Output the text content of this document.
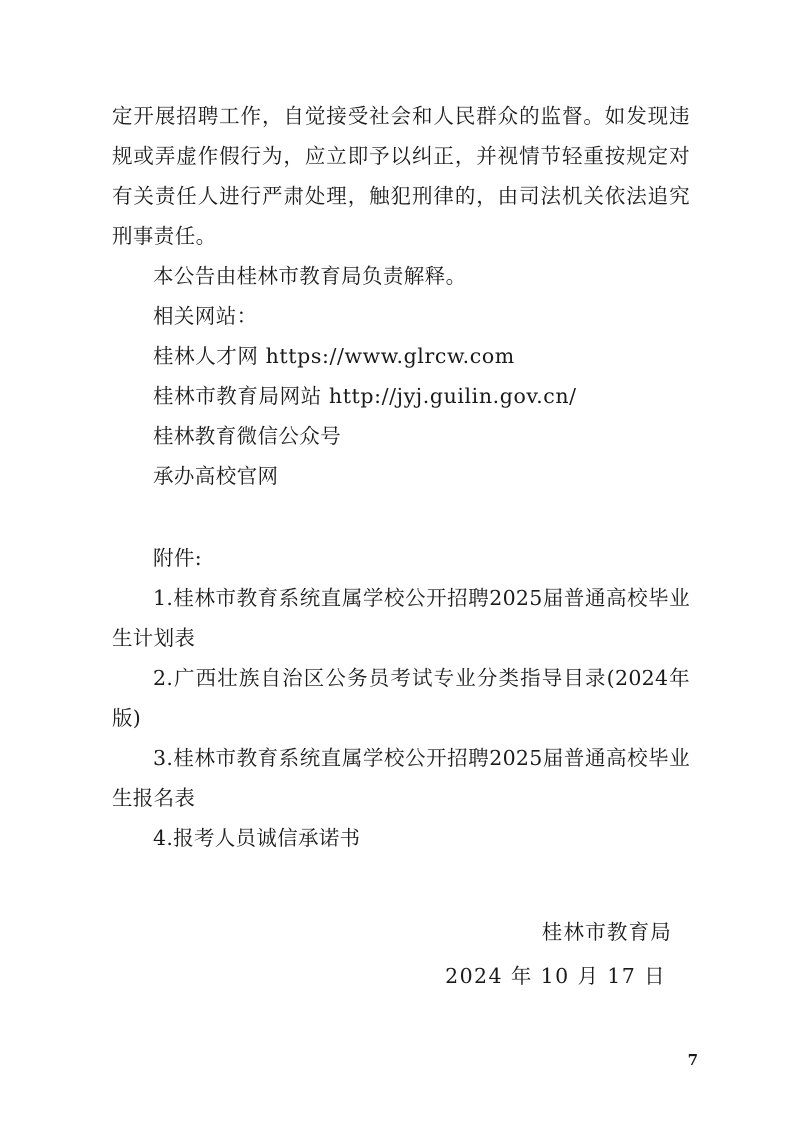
定开展招聘工作，自觉接受社会和人民群众的监督。如发现违规或弄虚作假行为，应立即予以纠正，并视情节轻重按规定对有关责任人进行严肃处理，触犯刑律的，由司法机关依法追究刑事责任。

本公告由桂林市教育局负责解释。

相关网站：

桂林人才网 https://www.glrcw.com

桂林市教育局网站 http://jyj.guilin.gov.cn/

桂林教育微信公众号

承办高校官网

附件:

1.桂林市教育系统直属学校公开招聘2025届普通高校毕业生计划表

2.广西壮族自治区公务员考试专业分类指导目录(2024年版)

3.桂林市教育系统直属学校公开招聘2025届普通高校毕业生报名表

4.报考人员诚信承诺书

桂林市教育局
2024 年 10 月 17 日
7
